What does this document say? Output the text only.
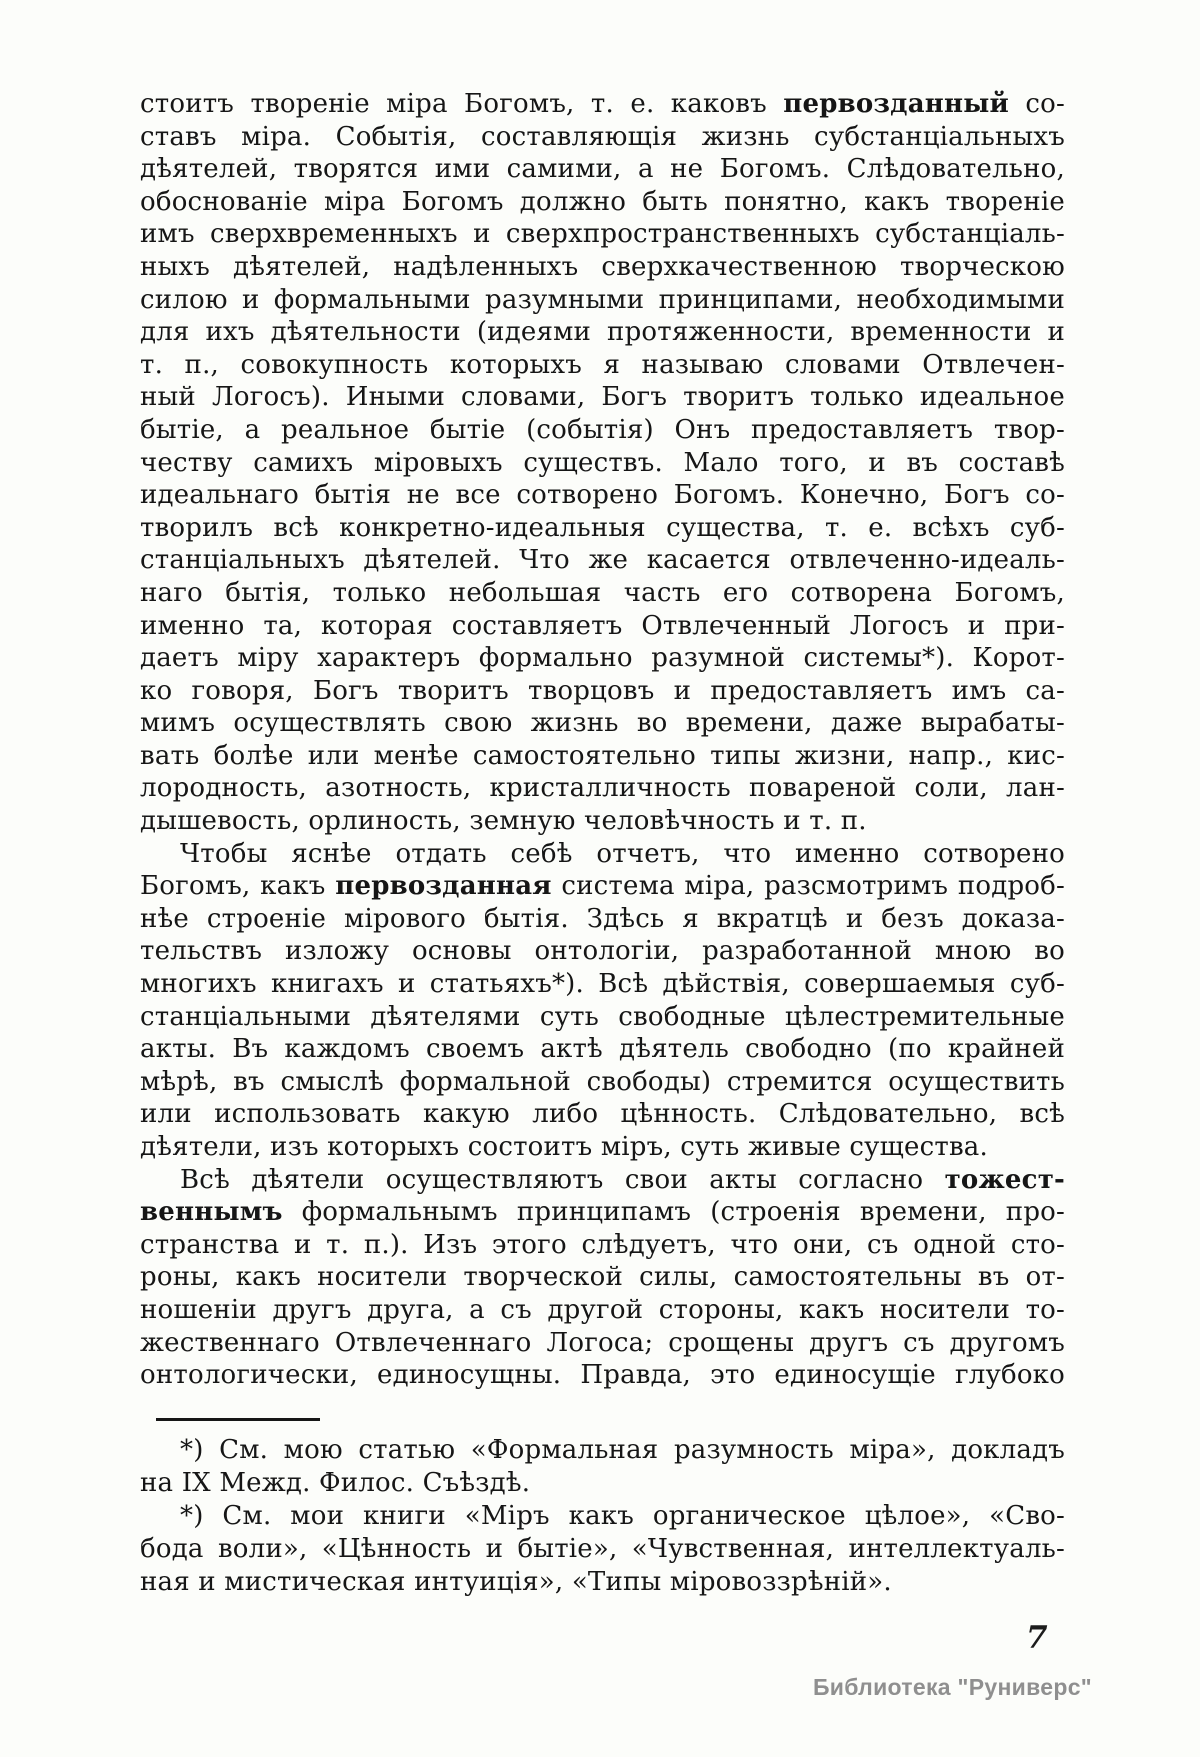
стоитъ твореніе міра Богомъ, т. е. каковъ первозданный со-
ставъ міра. Событія, составляющія жизнь субстанціальныхъ
дѣятелей, творятся ими самими, а не Богомъ. Слѣдовательно,
обоснованіе міра Богомъ должно быть понятно, какъ твореніе
имъ сверхвременныхъ и сверхпространственныхъ субстанціаль-
ныхъ дѣятелей, надѣленныхъ сверхкачественною творческою
силою и формальными разумными принципами, необходимыми
для ихъ дѣятельности (идеями протяженности, временности и
т. п., совокупность которыхъ я называю словами Отвлечен-
ный Логосъ). Иными словами, Богъ творитъ только идеальное
бытіе, а реальное бытіе (событія) Онъ предоставляетъ твор-
честву самихъ міровыхъ существъ. Мало того, и въ составѣ
идеальнаго бытія не все сотворено Богомъ. Конечно, Богъ со-
творилъ всѣ конкретно-идеальныя существа, т. е. всѣхъ суб-
станціальныхъ дѣятелей. Что же касается отвлеченно-идеаль-
наго бытія, только небольшая часть его сотворена Богомъ,
именно та, которая составляетъ Отвлеченный Логосъ и при-
даетъ міру характеръ формально разумной системы*). Корот-
ко говоря, Богъ творитъ творцовъ и предоставляетъ имъ са-
мимъ осуществлять свою жизнь во времени, даже вырабаты-
вать болѣе или менѣе самостоятельно типы жизни, напр., кис-
лородность, азотность, кристалличность повареной соли, лан-
дышевость, орлиность, земную человѣчность и т. п.
Чтобы яснѣе отдать себѣ отчетъ, что именно сотворено
Богомъ, какъ первозданная система міра, разсмотримъ подроб-
нѣе строеніе мірового бытія. Здѣсь я вкратцѣ и безъ доказа-
тельствъ изложу основы онтологіи, разработанной мною во
многихъ книгахъ и статьяхъ*). Всѣ дѣйствія, совершаемыя суб-
станціальными дѣятелями суть свободные цѣлестремительные
акты. Въ каждомъ своемъ актѣ дѣятель свободно (по крайней
мѣрѣ, въ смыслѣ формальной свободы) стремится осуществить
или использовать какую либо цѣнность. Слѣдовательно, всѣ
дѣятели, изъ которыхъ состоитъ міръ, суть живые существа.
Всѣ дѣятели осуществляютъ свои акты согласно тожест-
веннымъ формальнымъ принципамъ (строенія времени, про-
странства и т. п.). Изъ этого слѣдуетъ, что они, съ одной сто-
роны, какъ носители творческой силы, самостоятельны въ от-
ношеніи другъ друга, а съ другой стороны, какъ носители то-
жественнаго Отвлеченнаго Логоса; срощены другъ съ другомъ
онтологически, единосущны. Правда, это единосущіе глубоко
*) См. мою статью «Формальная разумность міра», докладъ
на IX Межд. Филос. Съѣздѣ.
*) См. мои книги «Міръ какъ органическое цѣлое», «Сво-
бода воли», «Цѣнность и бытіе», «Чувственная, интеллектуаль-
ная и мистическая интуиція», «Типы міровоззрѣній».
7
Библиотека "Руниверс"
